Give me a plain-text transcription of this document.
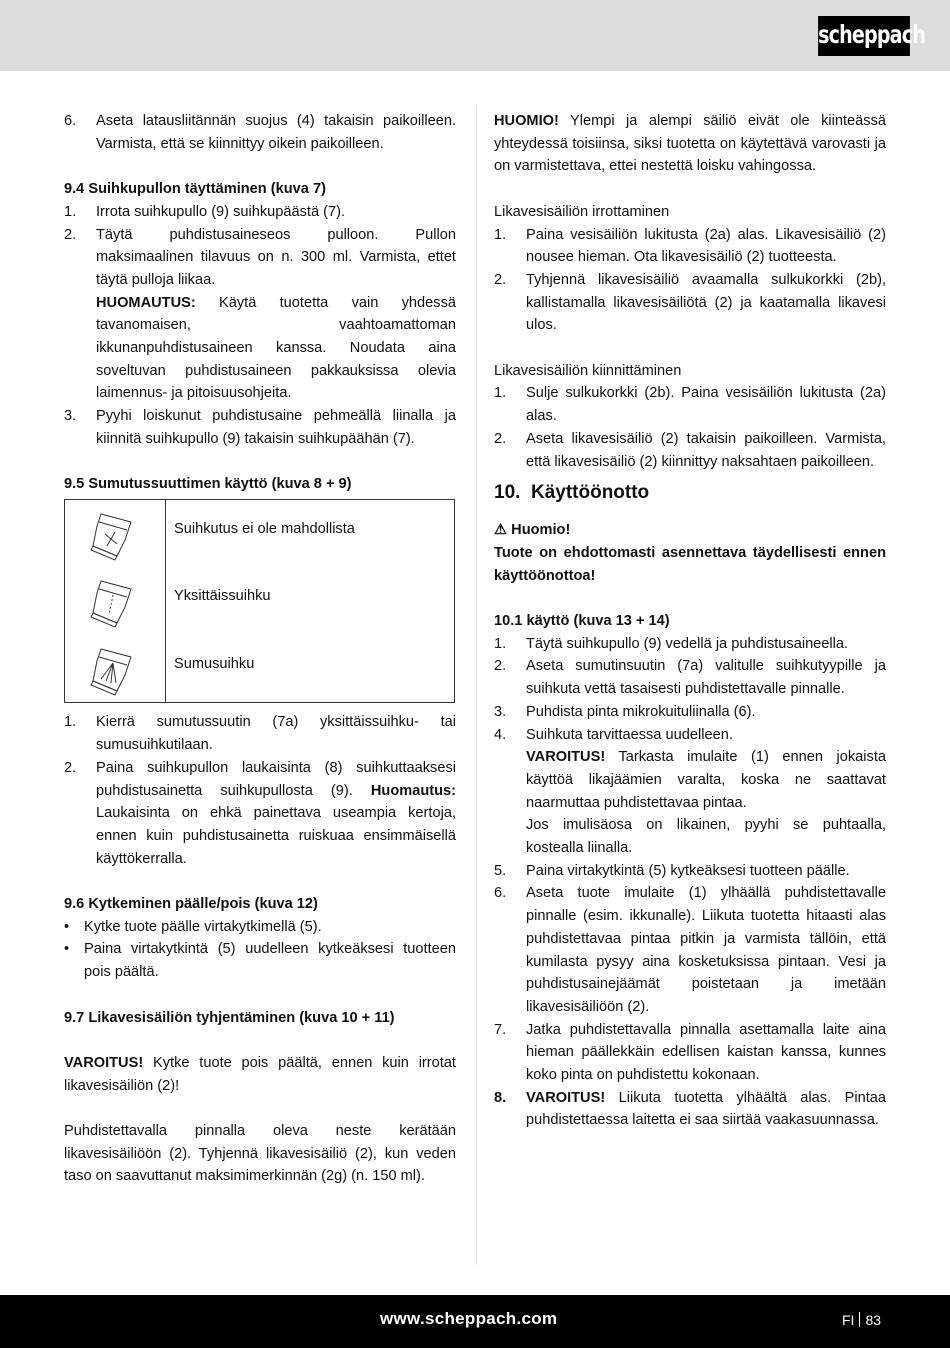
scheppach
6.	Aseta latausliitännän suojus (4) takaisin paikoilleen. Varmista, että se kiinnittyy oikein paikoilleen.
9.4 Suihkupullon täyttäminen (kuva 7)
1.	Irrota suihkupullo (9) suihkupäästä (7).
2.	Täytä puhdistusaineseos pulloon. Pullon maksimaalinen tilavuus on n. 300 ml. Varmista, ettet täytä pulloja liikaa.
HUOMAUTUS: Käytä tuotetta vain yhdessä tavanomaisen, vaahtoamattoman ikkunanpuhdistusaineen kanssa. Noudata aina soveltuvan puhdistusaineen pakkauksissa olevia laimennus- ja pitoisuusohjeita.
3.	Pyyhi loiskunut puhdistusaine pehmeällä liinalla ja kiinnitä suihkupullo (9) takaisin suihkupäähän (7).
9.5 Sumutussuuttimen käyttö (kuva 8 + 9)

Suihkutus ei ole mahdollista
Yksittäissuihku
Sumusuihku
1.	Kierrä sumutussuutin (7a) yksittäissuihku- tai sumusuihkutilaan.
2.	Paina suihkupullon laukaisinta (8) suihkuttaaksesi puhdistusainetta suihkupullosta (9). Huomautus: Laukaisinta on ehkä painettava useampia kertoja, ennen kuin puhdistusainetta ruiskuaa ensimmäisellä käyttökerralla.
9.6 Kytkeminen päälle/pois (kuva 12)
•	Kytke tuote päälle virtakytkimellä (5).
•	Paina virtakytkintä (5) uudelleen kytkeäksesi tuotteen pois päältä.
9.7 Likavesisäiliön tyhjentäminen (kuva 10 + 11)

VAROITUS! Kytke tuote pois päältä, ennen kuin irrotat likavesisäiliön (2)!

Puhdistettavalla pinnalla oleva neste kerätään likavesisäiliöön (2). Tyhjennä likavesisäiliö (2), kun veden taso on saavuttanut maksimimerkinnän (2g) (n. 150 ml).

HUOMIO! Ylempi ja alempi säiliö eivät ole kiinteässä yhteydessä toisiinsa, siksi tuotetta on käytettävä varovasti ja on varmistettava, ettei nestettä loisku vahingossa.

Likavesisäiliön irrottaminen
1.	Paina vesisäiliön lukitusta (2a) alas. Likavesisäiliö (2) nousee hieman. Ota likavesisäiliö (2) tuotteesta.
2.	Tyhjennä likavesisäiliö avaamalla sulkukorkki (2b), kallistamalla likavesisäiliötä (2) ja kaatamalla likavesi ulos.
Likavesisäiliön kiinnittäminen
1.	Sulje sulkukorkki (2b). Paina vesisäiliön lukitusta (2a) alas.
2.	Aseta likavesisäiliö (2) takaisin paikoilleen. Varmista, että likavesisäiliö (2) kiinnittyy naksahtaen paikoilleen.
10.  Käyttöönotto
⚠ Huomio!

Tuote on ehdottomasti asennettava täydellisesti ennen käyttöönottoa!

10.1 käyttö (kuva 13 + 14)
1.	Täytä suihkupullo (9) vedellä ja puhdistusaineella.
2.	Aseta sumutinsuutin (7a) valitulle suihkutyypille ja suihkuta vettä tasaisesti puhdistettavalle pinnalle.
3.	Puhdista pinta mikrokuituliinalla (6).
4.	Suihkuta tarvittaessa uudelleen.
VAROITUS! Tarkasta imulaite (1) ennen jokaista käyttöä likajäämien varalta, koska ne saattavat naarmuttaa puhdistettavaa pintaa.
Jos imulisäosa on likainen, pyyhi se puhtaalla, kostealla liinalla.
5.	Paina virtakytkintä (5) kytkeäksesi tuotteen päälle.
6.	Aseta tuote imulaite (1) ylhäällä puhdistettavalle pinnalle (esim. ikkunalle). Liikuta tuotetta hitaasti alas puhdistettavaa pintaa pitkin ja varmista tällöin, että kumilasta pysyy aina kosketuksissa pintaan. Vesi ja puhdistusainejäämät poistetaan ja imetään likavesisäiliöön (2).
7.	Jatka puhdistettavalla pinnalla asettamalla laite aina hieman päällekkäin edellisen kaistan kanssa, kunnes koko pinta on puhdistettu kokonaan.
8.	VAROITUS! Liikuta tuotetta ylhäältä alas. Pintaa puhdistettaessa laitetta ei saa siirtää vaakasuunnassa.
www.scheppach.com	FI 83
